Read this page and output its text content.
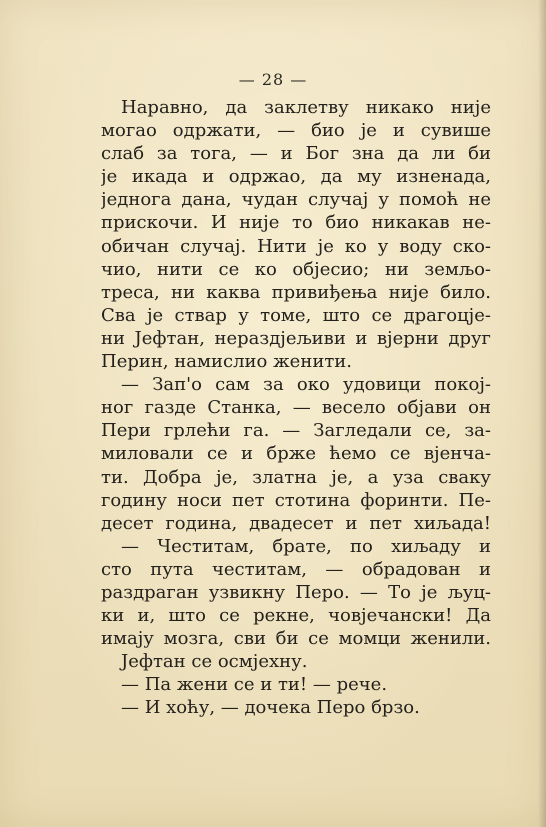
— 28 —
Наравно, да заклетву никако није
могао одржати, — био је и сувише
слаб за тога, — и Бог зна да ли би
је икада и одржао, да му изненада,
једнога дана, чудан случај у помоћ не
прискочи. И није то био никакав не-
обичан случај. Нити је ко у воду ско-
чио, нити се ко објесио; ни земљо-
треса, ни каква привиђења није било.
Сва је ствар у томе, што се драгоцје-
ни Јефтан, нераздјељиви и вјерни друг
Перин, намислио женити.
— Зап'о сам за око удовици покој-
ног газде Станка, — весело објави он
Пери грлећи га. — Загледали се, за-
миловали се и брже ћемо се вјенча-
ти. Добра је, златна је, а уза сваку
годину носи пет стотина форинти. Пе-
десет година, двадесет и пет хиљада!
— Честитам, брате, по хиљаду и
сто пута честитам, — обрадован и
раздраган узвикну Перо. — То је љуц-
ки и, што се рекне, човјечански! Да
имају мозга, сви би се момци женили.
Јефтан се осмјехну.
— Па жени се и ти! — рече.
— И хоћу, — дочека Перо брзо.
